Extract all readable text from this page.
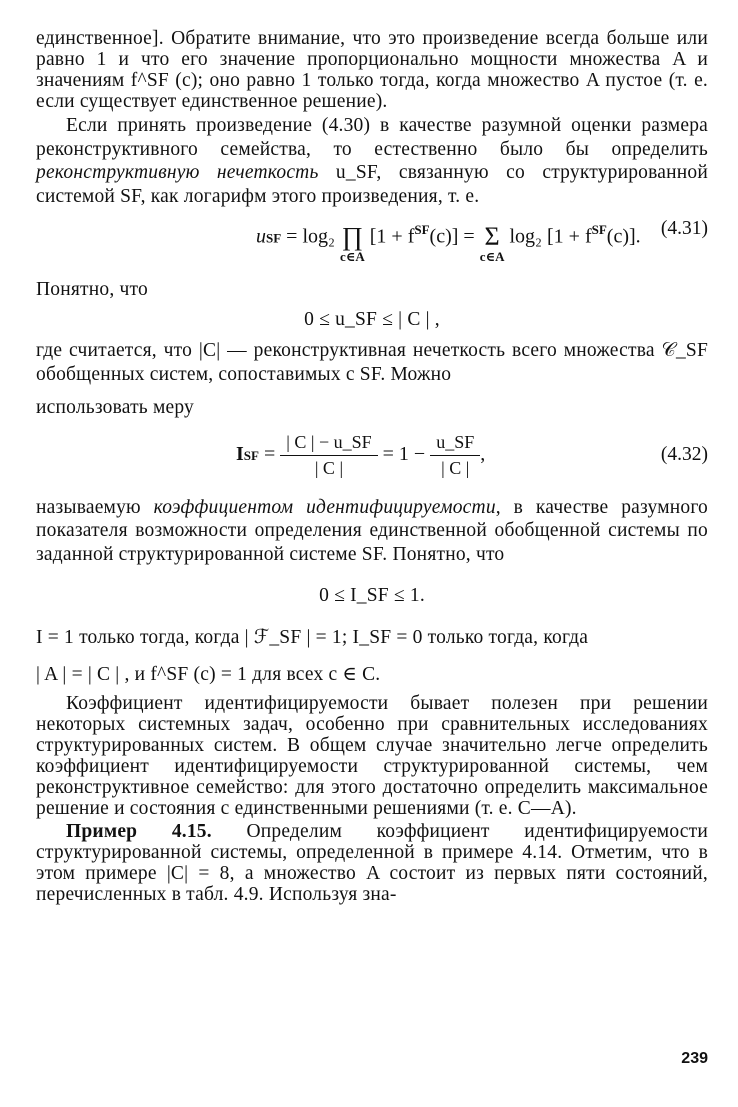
единственное]. Обратите внимание, что это произведение всегда больше или равно 1 и что его значение пропорционально мощности множества A и значениям f^SF (c); оно равно 1 только тогда, когда множество A пустое (т. е. если существует единственное решение).

Если принять произведение (4.30) в качестве разумной оценки размера реконструктивного семейства, то естественно было бы определить реконструктивную нечеткость u_SF, связанную со структурированной системой SF, как логарифм этого произведения, т. е.

uSF = log₂ ∏
c∈A
$[1 + f^{SF}(c)] = \Sigma$
c∈A
log₂ $[1 + f^{SF}(c)]$. (4.31)

Понятно, что

0 ≤ u_SF ≤ | C | ,

где считается, что |C| — реконструктивная нечеткость всего множества 𝒞_SF обобщенных систем, сопоставимых с SF. Можно

использовать меру

ISF = $\frac{| C | - u\_SF}{| C |} = 1 - \frac{u\_SF}{| C |}$ ,	(4.32)

называемую коэффициентом идентифицируемости, в качестве разумного показателя возможности определения единственной обобщенной системы по заданной структурированной системе SF. Понятно, что

0 ≤ I_SF ≤ 1.

I = 1 только тогда, когда | ℱ_SF | = 1; I_SF = 0 только тогда, когда

| A | = | C | , и f^SF (c) = 1 для всех c ∈ C.

Коэффициент идентифицируемости бывает полезен при решении некоторых системных задач, особенно при сравнительных исследованиях структурированных систем. В общем случае значительно легче определить коэффициент идентифицируемости структурированной системы, чем реконструктивное семейство: для этого достаточно определить максимальное решение и состояния с единственными решениями (т. е. C—A).

Пример 4.15. Определим коэффициент идентифицируемости структурированной системы, определенной в примере 4.14. Отметим, что в этом примере |C| = 8, а множество A состоит из первых пяти состояний, перечисленных в табл. 4.9. Используя зна-

239
